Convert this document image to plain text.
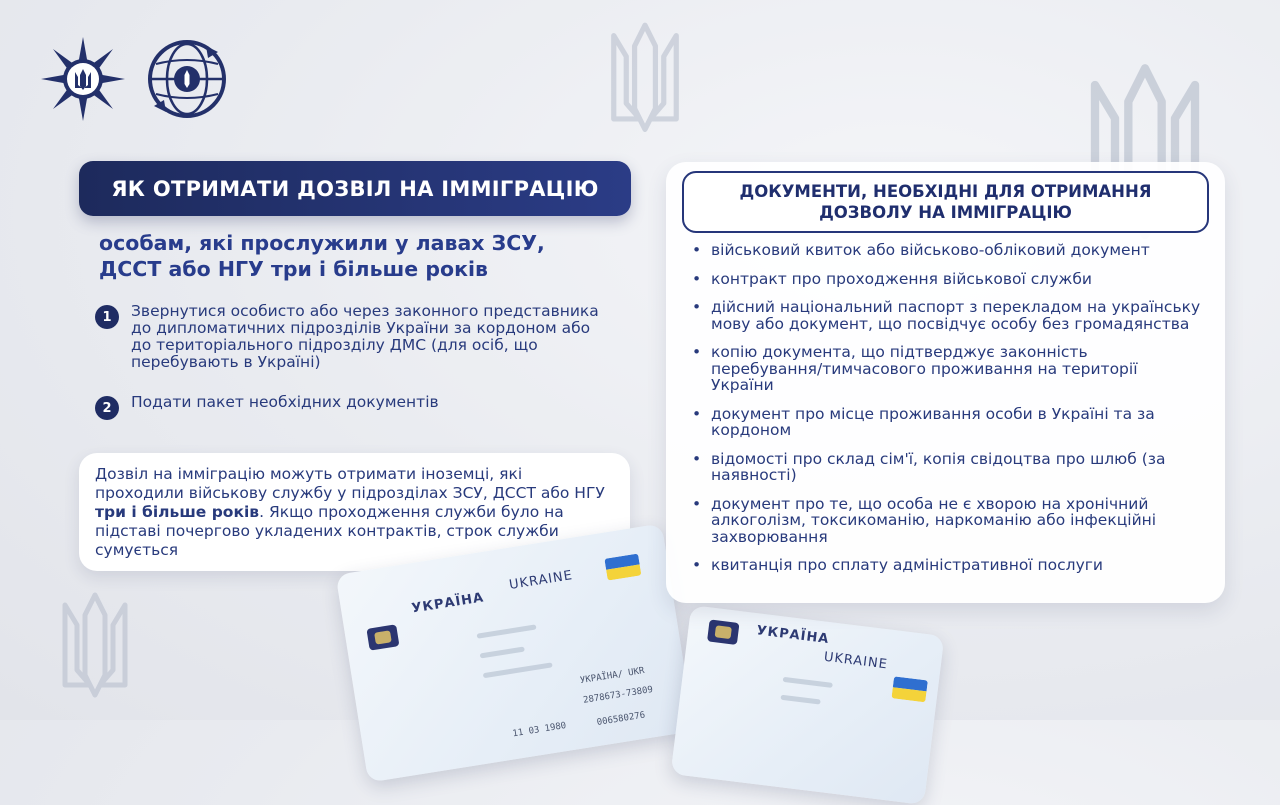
ЯК ОТРИМАТИ ДОЗВІЛ НА ІММІГРАЦІЮ
особам, які прослужили у лавах ЗСУ,
ДССТ або НГУ три і більше років
1	Звернутися особисто або через законного представника до дипломатичних підрозділів України за кордоном або до територіального підрозділу ДМС (для осіб, що перебувають в Україні)
2	Подати пакет необхідних документів
Дозвіл на імміграцію можуть отримати іноземці, які проходили військову службу у підрозділах ЗСУ, ДССТ або НГУ три і більше років. Якщо проходження служби було на підставі почергово укладених контрактів, строк служби сумується
УКРАЇНА
UKRAINE
УКРАЇНА/ UKR
2878673-73809
11 03 1980
006580276
УКРАЇНА
UKRAINE
ДОКУМЕНТИ, НЕОБХІДНІ ДЛЯ ОТРИМАННЯ
ДОЗВОЛУ НА ІММІГРАЦІЮ
• військовий квиток або військово-обліковий документ
• контракт про проходження військової служби
• дійсний національний паспорт з перекладом на українську мову або документ, що посвідчує особу без громадянства
• копію документа, що підтверджує законність перебування/тимчасового проживання на території України
• документ про місце проживання особи в Україні та за кордоном
• відомості про склад сім'ї, копія свідоцтва про шлюб (за наявності)
• документ про те, що особа не є хворою на хронічний алкоголізм, токсикоманію, наркоманію або інфекційні захворювання
• квитанція про сплату адміністративної послуги
